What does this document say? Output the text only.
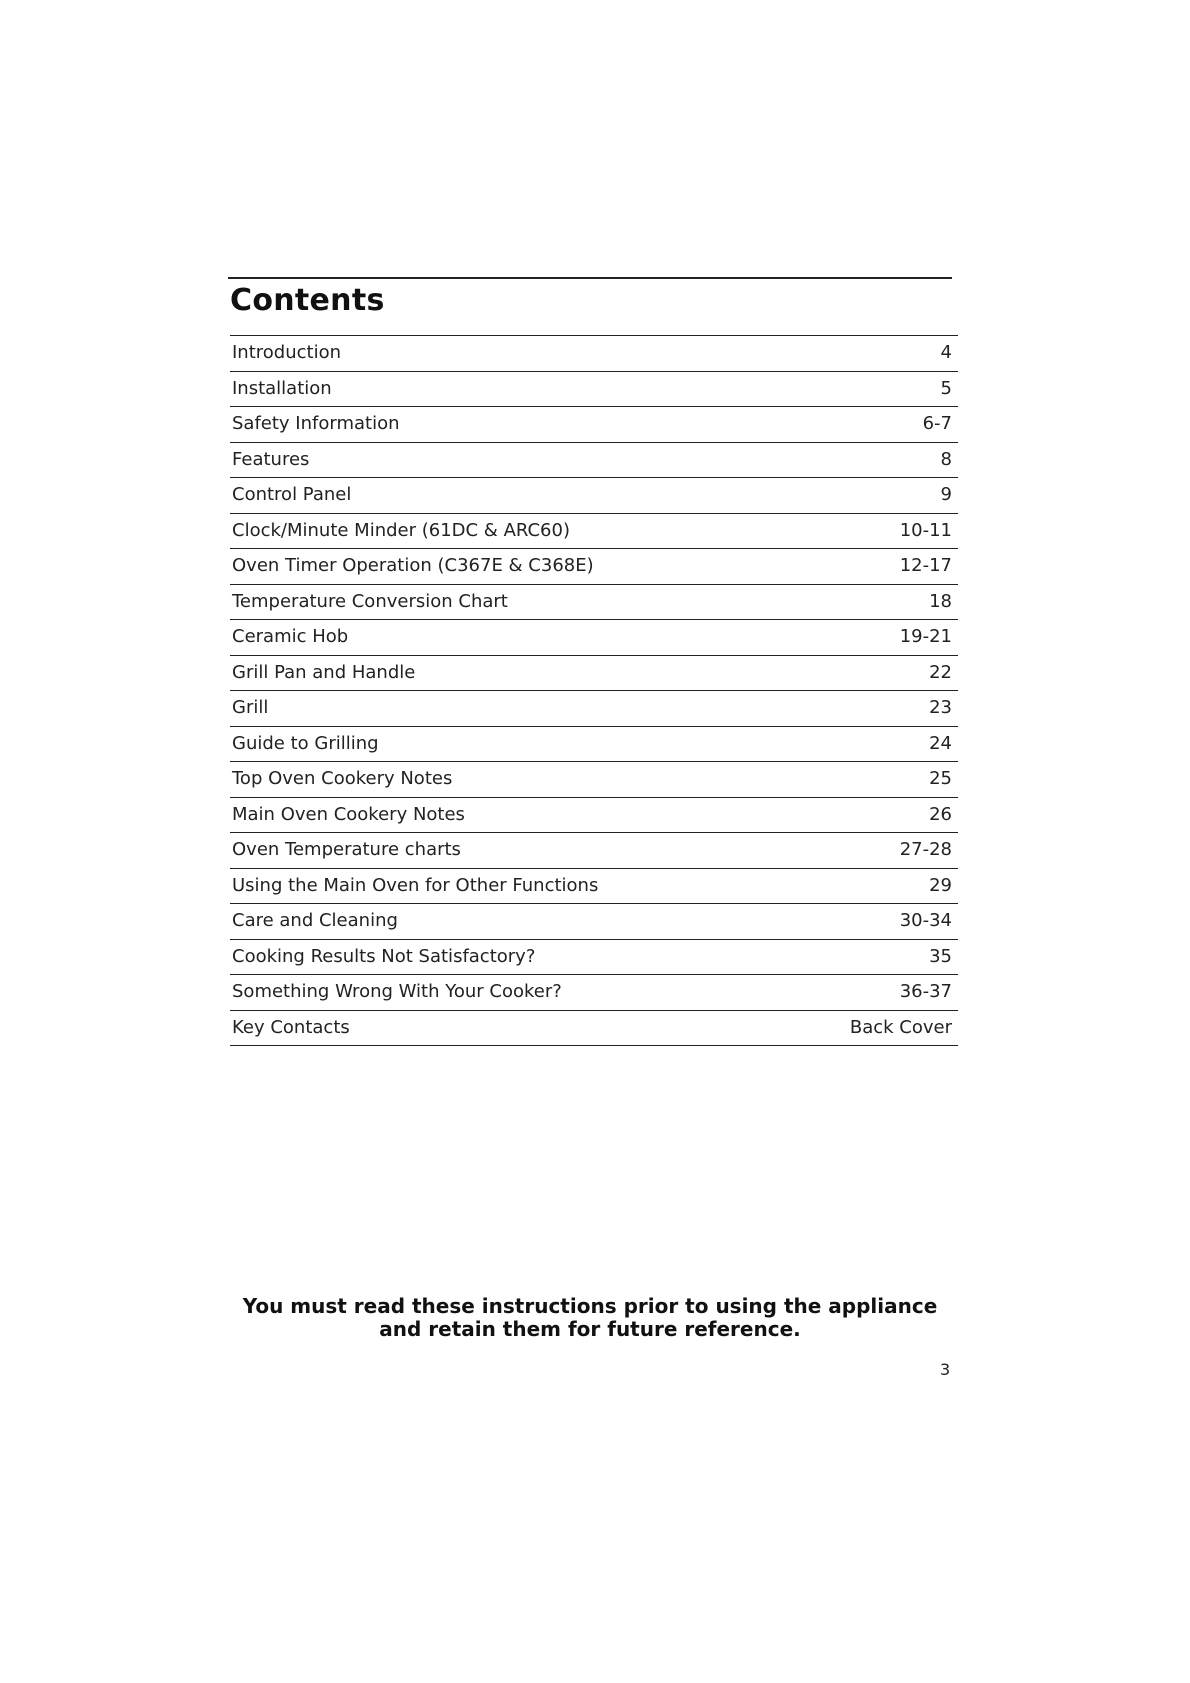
Contents
Introduction	4
Installation	5
Safety Information	6-7
Features	8
Control Panel	9
Clock/Minute Minder (61DC & ARC60)	10-11
Oven Timer Operation (C367E & C368E)	12-17
Temperature Conversion Chart	18
Ceramic Hob	19-21
Grill Pan and Handle	22
Grill	23
Guide to Grilling	24
Top Oven Cookery Notes	25
Main Oven Cookery Notes	26
Oven Temperature charts	27-28
Using the Main Oven for Other Functions	29
Care and Cleaning	30-34
Cooking Results Not Satisfactory?	35
Something Wrong With Your Cooker?	36-37
Key Contacts	Back Cover
You must read these instructions prior to using the appliance
and retain them for future reference.
3
